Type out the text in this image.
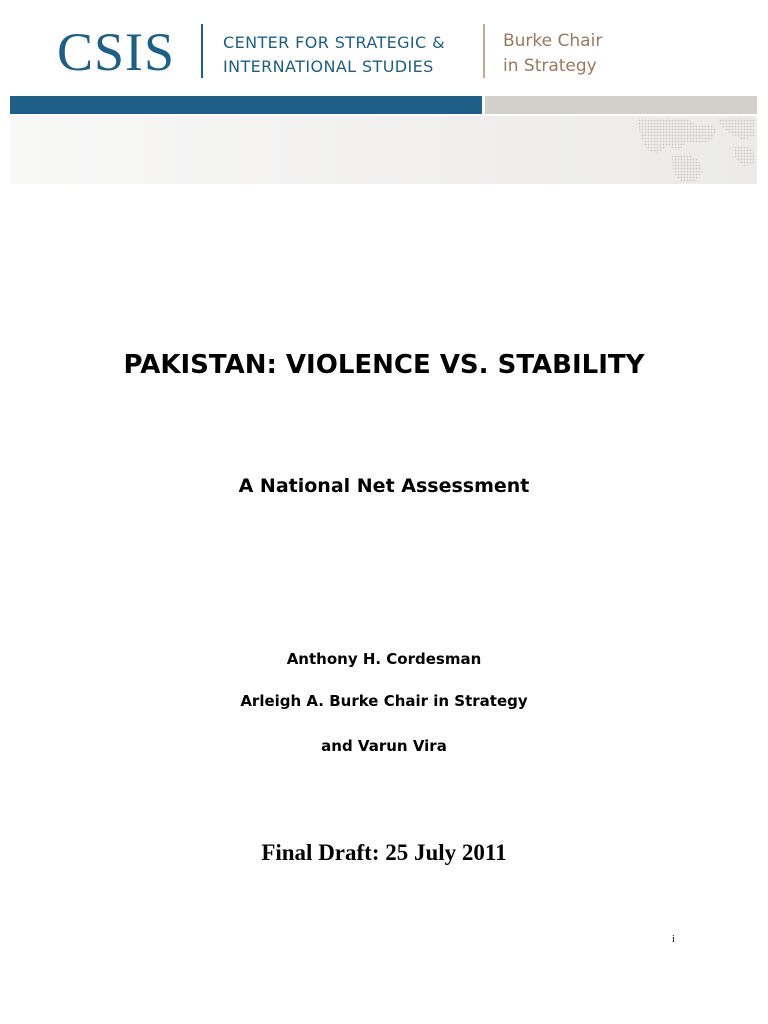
CSIS	CENTER FOR STRATEGIC &
INTERNATIONAL STUDIES
Burke Chair
in Strategy
PAKISTAN: VIOLENCE VS. STABILITY
A National Net Assessment
Anthony H. Cordesman
Arleigh A. Burke Chair in Strategy
and Varun Vira
Final Draft: 25 July 2011
i
